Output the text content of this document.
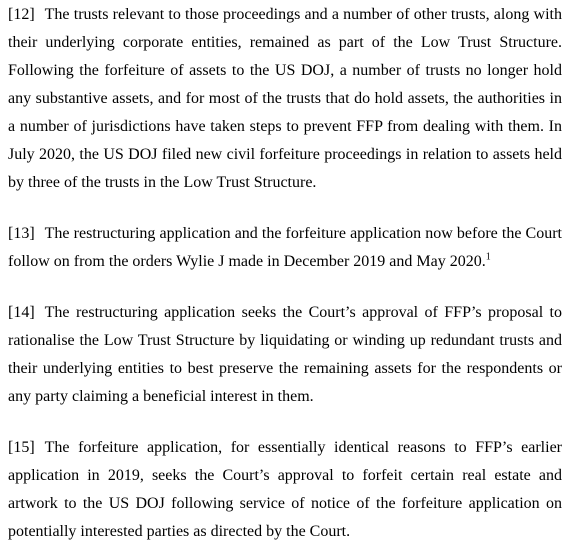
[12] The trusts relevant to those proceedings and a number of other trusts, along with their underlying corporate entities, remained as part of the Low Trust Structure. Following the forfeiture of assets to the US DOJ, a number of trusts no longer hold any substantive assets, and for most of the trusts that do hold assets, the authorities in a number of jurisdictions have taken steps to prevent FFP from dealing with them. In July 2020, the US DOJ filed new civil forfeiture proceedings in relation to assets held by three of the trusts in the Low Trust Structure.

[13] The restructuring application and the forfeiture application now before the Court follow on from the orders Wylie J made in December 2019 and May 2020.$^1$

[14] The restructuring application seeks the Court’s approval of FFP’s proposal to rationalise the Low Trust Structure by liquidating or winding up redundant trusts and their underlying entities to best preserve the remaining assets for the respondents or any party claiming a beneficial interest in them.

[15] The forfeiture application, for essentially identical reasons to FFP’s earlier application in 2019, seeks the Court’s approval to forfeit certain real estate and artwork to the US DOJ following service of notice of the forfeiture application on potentially interested parties as directed by the Court.
